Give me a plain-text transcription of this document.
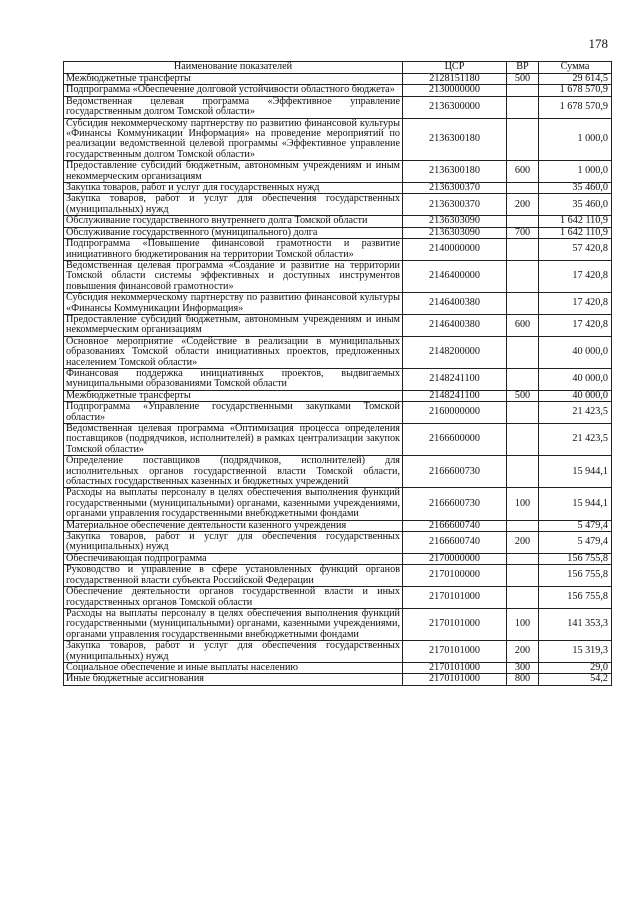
178
Наименование показателей	ЦСР	ВР	Сумма
Межбюджетные трансферты	2128151180	500	29 614,5
Подпрограмма «Обеспечение долговой устойчивости областного бюджета»	2130000000		1 678 570,9
Ведомственная целевая программа «Эффективное управление государственным долгом Томской области»	2136300000		1 678 570,9
Субсидия некоммерческому партнерству по развитию финансовой культуры «Финансы Коммуникации Информация» на проведение мероприятий по реализации ведомственной целевой программы «Эффективное управление государственным долгом Томской области»	2136300180		1 000,0
Предоставление субсидий бюджетным, автономным учреждениям и иным некоммерческим организациям	2136300180	600	1 000,0
Закупка товаров, работ и услуг для государственных нужд	2136300370		35 460,0
Закупка товаров, работ и услуг для обеспечения государственных (муниципальных) нужд	2136300370	200	35 460,0
Обслуживание государственного внутреннего долга Томской области	2136303090		1 642 110,9
Обслуживание государственного (муниципального) долга	2136303090	700	1 642 110,9
Подпрограмма «Повышение финансовой грамотности и развитие инициативного бюджетирования на территории Томской области»	2140000000		57 420,8
Ведомственная целевая программа «Создание и развитие на территории Томской области системы эффективных и доступных инструментов повышения финансовой грамотности»	2146400000		17 420,8
Субсидия некоммерческому партнерству по развитию финансовой культуры «Финансы Коммуникации Информация»	2146400380		17 420,8
Предоставление субсидий бюджетным, автономным учреждениям и иным некоммерческим организациям	2146400380	600	17 420,8
Основное мероприятие «Содействие в реализации в муниципальных образованиях Томской области инициативных проектов, предложенных населением Томской области»	2148200000		40 000,0
Финансовая поддержка инициативных проектов, выдвигаемых муниципальными образованиями Томской области	2148241100		40 000,0
Межбюджетные трансферты	2148241100	500	40 000,0
Подпрограмма «Управление государственными закупками Томской области»	2160000000		21 423,5
Ведомственная целевая программа «Оптимизация процесса определения поставщиков (подрядчиков, исполнителей) в рамках централизации закупок Томской области»	2166600000		21 423,5
Определение поставщиков (подрядчиков, исполнителей) для исполнительных органов государственной власти Томской области, областных государственных казенных и бюджетных учреждений	2166600730		15 944,1
Расходы на выплаты персоналу в целях обеспечения выполнения функций государственными (муниципальными) органами, казенными учреждениями, органами управления государственными внебюджетными фондами	2166600730	100	15 944,1
Материальное обеспечение деятельности казенного учреждения	2166600740		5 479,4
Закупка товаров, работ и услуг для обеспечения государственных (муниципальных) нужд	2166600740	200	5 479,4
Обеспечивающая подпрограмма	2170000000		156 755,8
Руководство и управление в сфере установленных функций органов государственной власти субъекта Российской Федерации	2170100000		156 755,8
Обеспечение деятельности органов государственной власти и иных государственных органов Томской области	2170101000		156 755,8
Расходы на выплаты персоналу в целях обеспечения выполнения функций государственными (муниципальными) органами, казенными учреждениями, органами управления государственными внебюджетными фондами	2170101000	100	141 353,3
Закупка товаров, работ и услуг для обеспечения государственных (муниципальных) нужд	2170101000	200	15 319,3
Социальное обеспечение и иные выплаты населению	2170101000	300	29,0
Иные бюджетные ассигнования	2170101000	800	54,2
